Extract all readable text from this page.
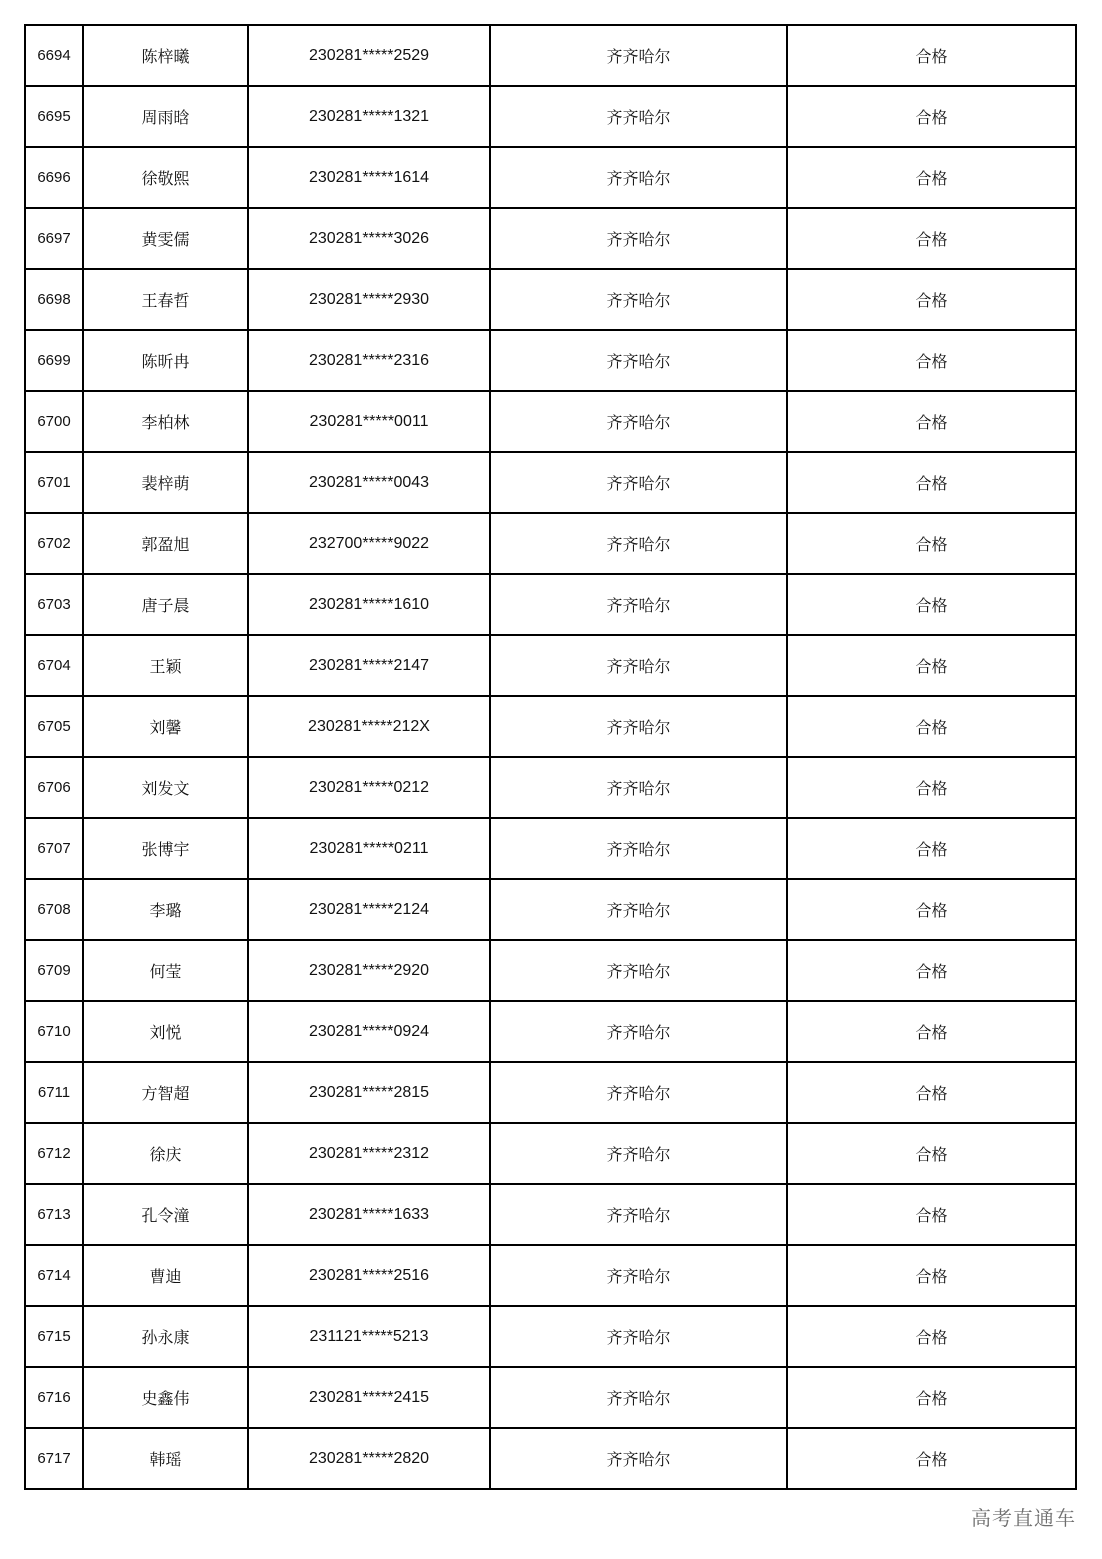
6694	陈梓曦	230281*****2529	齐齐哈尔	合格
6695	周雨晗	230281*****1321	齐齐哈尔	合格
6696	徐敬熙	230281*****1614	齐齐哈尔	合格
6697	黄雯儒	230281*****3026	齐齐哈尔	合格
6698	王春哲	230281*****2930	齐齐哈尔	合格
6699	陈昕冉	230281*****2316	齐齐哈尔	合格
6700	李柏林	230281*****0011	齐齐哈尔	合格
6701	裴梓萌	230281*****0043	齐齐哈尔	合格
6702	郭盈旭	232700*****9022	齐齐哈尔	合格
6703	唐子晨	230281*****1610	齐齐哈尔	合格
6704	王颖	230281*****2147	齐齐哈尔	合格
6705	刘馨	230281*****212X	齐齐哈尔	合格
6706	刘发文	230281*****0212	齐齐哈尔	合格
6707	张博宇	230281*****0211	齐齐哈尔	合格
6708	李璐	230281*****2124	齐齐哈尔	合格
6709	何莹	230281*****2920	齐齐哈尔	合格
6710	刘悦	230281*****0924	齐齐哈尔	合格
6711	方智超	230281*****2815	齐齐哈尔	合格
6712	徐庆	230281*****2312	齐齐哈尔	合格
6713	孔令潼	230281*****1633	齐齐哈尔	合格
6714	曹迪	230281*****2516	齐齐哈尔	合格
6715	孙永康	231121*****5213	齐齐哈尔	合格
6716	史鑫伟	230281*****2415	齐齐哈尔	合格
6717	韩瑶	230281*****2820	齐齐哈尔	合格
高考直通车
